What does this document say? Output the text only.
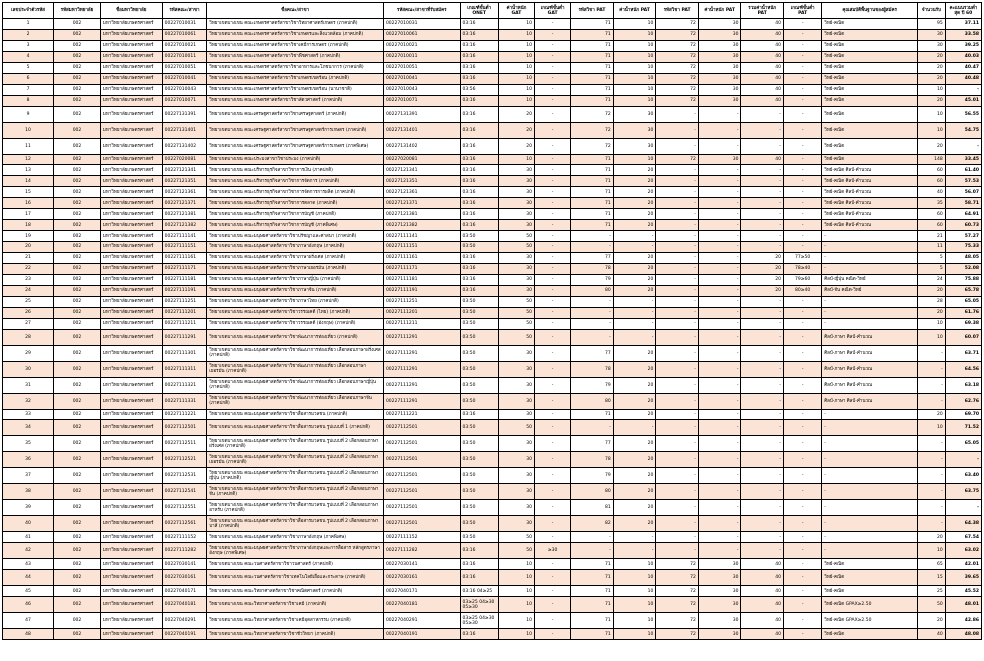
เลขประจำตัวรหัส	รหัสมหาวิทยาลัย	ชื่อมหาวิทยาลัย	รหัสคณะ/สาขา	ชื่อคณะ/สาขา	รหัสคณะ/สาขาที่รับสมัคร	เกณฑ์ขั้นต่ำ ONET	ค่าน้ำหนัก GAT	เกณฑ์ขั้นต่ำ GAT	รหัสวิชา PAT	ค่าน้ำหนัก PAT	รหัสวิชา PAT	ค่าน้ำหนัก PAT	รวมค่าน้ำหนัก PAT	เกณฑ์ขั้นต่ำ PAT	คุณสมบัติพื้นฐานของผู้สมัคร	จำนวนรับ	คะแนนรวมต่ำสุด ปี 60
1	002	มหาวิทยาลัยเกษตรศาสตร์	00227010031	วิทยาเขตบางเขน คณะเกษตรศาสตร์สาขาวิชาวิทยาศาสตร์เกษตร (ภาคปกติ)	00227010031	03:16	10	-	71	10	72	30	40	-	วิทย์-คณิต	95	37.11
2	002	มหาวิทยาลัยเกษตรศาสตร์	00227010061	วิทยาเขตบางเขน คณะเกษตรศาสตร์สาขาวิชาเกษตรและสิ่งแวดล้อม (ภาคปกติ)	00227010061	03:16	10	-	71	10	72	30	40	-	วิทย์-คณิต	30	33.58
3	002	มหาวิทยาลัยเกษตรศาสตร์	00227010021	วิทยาเขตบางเขน คณะเกษตรศาสตร์สาขาวิชาเคมีการเกษตร (ภาคปกติ)	00227010021	03:16	10	-	71	10	72	30	40	-	วิทย์-คณิต	30	39.25
4	002	มหาวิทยาลัยเกษตรศาสตร์	00227010011	วิทยาเขตบางเขน คณะเกษตรศาสตร์สาขาวิชาพืชศาสตร์ (ภาคปกติ)	00227010011	03:16	10	-	71	10	72	30	40	-	วิทย์-คณิต	20	40.03
5	002	มหาวิทยาลัยเกษตรศาสตร์	00227010051	วิทยาเขตบางเขน คณะเกษตรศาสตร์สาขาวิชาอาหารและโภชนาการ (ภาคปกติ)	00227010051	03:16	10	-	71	10	72	30	40	-	วิทย์-คณิต	20	40.47
6	002	มหาวิทยาลัยเกษตรศาสตร์	00227010041	วิทยาเขตบางเขน คณะเกษตรศาสตร์สาขาวิชาเกษตรเขตร้อน (ภาคปกติ)	00227010041	03:16	10	-	71	10	72	30	40	-	วิทย์-คณิต	20	40.48
7	002	มหาวิทยาลัยเกษตรศาสตร์	00227010043	วิทยาเขตบางเขน คณะเกษตรศาสตร์สาขาวิชาเกษตรเขตร้อน (นานาชาติ)	00227010043	03:56	10	-	71	10	72	30	40	-	วิทย์-คณิต	10	-
8	002	มหาวิทยาลัยเกษตรศาสตร์	00227010071	วิทยาเขตบางเขน คณะเกษตรศาสตร์สาขาวิชาสัตวศาสตร์ (ภาคปกติ)	00227010071	03:16	10	-	71	10	72	30	40	-	วิทย์-คณิต	20	45.01
9	002	มหาวิทยาลัยเกษตรศาสตร์	00227131391	วิทยาเขตบางเขน คณะเศรษฐศาสตร์สาขาวิชาเศรษฐศาสตร์ (ภาคปกติ)	00227131391	03:16	20	-	72	30	-	-	-	-	วิทย์-คณิต	10	56.55
10	002	มหาวิทยาลัยเกษตรศาสตร์	00227131401	วิทยาเขตบางเขน คณะเศรษฐศาสตร์สาขาวิชาเศรษฐศาสตร์การเกษตร (ภาคปกติ)	00227131401	03:16	20	-	72	30	-	-	-	-	วิทย์-คณิต	10	54.75
11	002	มหาวิทยาลัยเกษตรศาสตร์	00227131402	วิทยาเขตบางเขน คณะเศรษฐศาสตร์สาขาวิชาเศรษฐศาสตร์การเกษตร (ภาคพิเศษ)	00227131402	03:16	20	-	72	30	-	-	-	-	วิทย์-คณิต	20	-
12	002	มหาวิทยาลัยเกษตรศาสตร์	00227020081	วิทยาเขตบางเขน คณะประมงสาขาวิชาประมง (ภาคปกติ)	00227020081	03:16	10	-	71	10	72	30	40	-	วิทย์-คณิต	148	33.45
13	002	มหาวิทยาลัยเกษตรศาสตร์	00227121341	วิทยาเขตบางเขน คณะบริหารธุรกิจสาขาวิชาการเงิน (ภาคปกติ)	00227121341	03:16	30	-	71	20	-	-	-	-	วิทย์-คณิต ศิลป์-คำนวณ	60	61.40
14	002	มหาวิทยาลัยเกษตรศาสตร์	00227121351	วิทยาเขตบางเขน คณะบริหารธุรกิจสาขาวิชาการจัดการ (ภาคปกติ)	00227121351	03:16	30	-	71	20	-	-	-	-	วิทย์-คณิต ศิลป์-คำนวณ	60	57.53
15	002	มหาวิทยาลัยเกษตรศาสตร์	00227121361	วิทยาเขตบางเขน คณะบริหารธุรกิจสาขาวิชาการจัดการการผลิต (ภาคปกติ)	00227121361	03:16	30	-	71	20	-	-	-	-	วิทย์-คณิต ศิลป์-คำนวณ	40	56.07
16	002	มหาวิทยาลัยเกษตรศาสตร์	00227121371	วิทยาเขตบางเขน คณะบริหารธุรกิจสาขาวิชาการตลาด (ภาคปกติ)	00227121371	03:16	30	-	71	20	-	-	-	-	วิทย์-คณิต ศิลป์-คำนวณ	35	58.71
17	002	มหาวิทยาลัยเกษตรศาสตร์	00227121381	วิทยาเขตบางเขน คณะบริหารธุรกิจสาขาวิชาการบัญชี (ภาคปกติ)	00227121381	03:16	30	-	71	20	-	-	-	-	วิทย์-คณิต ศิลป์-คำนวณ	60	64.91
18	002	มหาวิทยาลัยเกษตรศาสตร์	00227121382	วิทยาเขตบางเขน คณะบริหารธุรกิจสาขาวิชาการบัญชี (ภาคพิเศษ)	00227121382	03:16	30	-	71	20	-	-	-	-	วิทย์-คณิต ศิลป์-คำนวณ	60	60.73
19	002	มหาวิทยาลัยเกษตรศาสตร์	00227111141	วิทยาเขตบางเขน คณะมนุษยศาสตร์สาขาวิชาปรัชญาและศาสนา (ภาคปกติ)	00227111141	03:50	50	-	-	-	-	-	-	-	-	21	57.27
20	002	มหาวิทยาลัยเกษตรศาสตร์	00227111151	วิทยาเขตบางเขน คณะมนุษยศาสตร์สาขาวิชาภาษาอังกฤษ (ภาคปกติ)	00227111151	03:50	50	-	-	-	-	-	-	-	-	11	75.33
21	002	มหาวิทยาลัยเกษตรศาสตร์	00227111161	วิทยาเขตบางเขน คณะมนุษยศาสตร์สาขาวิชาภาษาฝรั่งเศส (ภาคปกติ)	00227111161	03:16	30	-	77	20	-	-	20	77≥50	-	5	48.05
22	002	มหาวิทยาลัยเกษตรศาสตร์	00227111171	วิทยาเขตบางเขน คณะมนุษยศาสตร์สาขาวิชาภาษาเยอรมัน (ภาคปกติ)	00227111171	03:16	30	-	78	20	-	-	20	78≥40	-	5	52.08
23	002	มหาวิทยาลัยเกษตรศาสตร์	00227111181	วิทยาเขตบางเขน คณะมนุษยศาสตร์สาขาวิชาภาษาญี่ปุ่น (ภาคปกติ)	00227111181	03:16	30	-	79	20	-	-	20	79≥60	ศิลป์-ญี่ปุ่น คณิต-วิทย์	24	75.88
24	002	มหาวิทยาลัยเกษตรศาสตร์	00227111191	วิทยาเขตบางเขน คณะมนุษยศาสตร์สาขาวิชาภาษาจีน (ภาคปกติ)	00227111191	03:16	30	-	80	20	-	-	20	80≥40	ศิลป์-จีน คณิต-วิทย์	20	65.78
25	002	มหาวิทยาลัยเกษตรศาสตร์	00227111251	วิทยาเขตบางเขน คณะมนุษยศาสตร์สาขาวิชาภาษาไทย (ภาคปกติ)	00227111251	03:50	50	-	-	-	-	-	-	-	-	28	65.05
26	002	มหาวิทยาลัยเกษตรศาสตร์	00227111201	วิทยาเขตบางเขน คณะมนุษยศาสตร์สาขาวิชาวรรณคดี (ไทย) (ภาคปกติ)	00227111201	03:50	50	-	-	-	-	-	-	-	-	20	61.76
27	002	มหาวิทยาลัยเกษตรศาสตร์	00227111211	วิทยาเขตบางเขน คณะมนุษยศาสตร์สาขาวิชาวรรณคดี (อังกฤษ) (ภาคปกติ)	00227111211	03:50	50	-	-	-	-	-	-	-	-	10	69.38
28	002	มหาวิทยาลัยเกษตรศาสตร์	00227111291	วิทยาเขตบางเขน คณะมนุษยศาสตร์สาขาวิชาพัฒนาการท่องเที่ยว (ภาคปกติ)	00227111291	03:50	50	-	-	-	-	-	-	-	ศิลป์-ภาษา ศิลป์-คำนวณ	10	60.07
29	002	มหาวิทยาลัยเกษตรศาสตร์	00227111301	วิทยาเขตบางเขน คณะมนุษยศาสตร์สาขาวิชาพัฒนาการท่องเที่ยว เลือกสอบภาษาฝรั่งเศส (ภาคปกติ)	00227111291	03:50	30	-	77	20	-	-	-	-	ศิลป์-ภาษา ศิลป์-คำนวณ	-	63.71
30	002	มหาวิทยาลัยเกษตรศาสตร์	00227111311	วิทยาเขตบางเขน คณะมนุษยศาสตร์สาขาวิชาพัฒนาการท่องเที่ยว เลือกสอบภาษาเยอรมัน (ภาคปกติ)	00227111291	03:50	30	-	78	20	-	-	-	-	ศิลป์-ภาษา ศิลป์-คำนวณ	-	64.56
31	002	มหาวิทยาลัยเกษตรศาสตร์	00227111321	วิทยาเขตบางเขน คณะมนุษยศาสตร์สาขาวิชาพัฒนาการท่องเที่ยว เลือกสอบภาษาญี่ปุ่น (ภาคปกติ)	00227111291	03:50	30	-	79	20	-	-	-	-	ศิลป์-ภาษา ศิลป์-คำนวณ	-	63.18
32	002	มหาวิทยาลัยเกษตรศาสตร์	00227111331	วิทยาเขตบางเขน คณะมนุษยศาสตร์สาขาวิชาพัฒนาการท่องเที่ยว เลือกสอบภาษาจีน (ภาคปกติ)	00227111291	03:50	30	-	80	20	-	-	-	-	ศิลป์-ภาษา ศิลป์-คำนวณ	-	62.76
33	002	มหาวิทยาลัยเกษตรศาสตร์	00227111221	วิทยาเขตบางเขน คณะมนุษยศาสตร์สาขาวิชาสื่อสารมวลชน (ภาคปกติ)	00227111221	03:16	30	-	71	20	-	-	-	-	-	20	69.70
34	002	มหาวิทยาลัยเกษตรศาสตร์	00227112501	วิทยาเขตบางเขน คณะมนุษยศาสตร์สาขาวิชาสื่อสารมวลชน รูปแบบที่ 1 (ภาคปกติ)	00227112501	03:50	50	-	-	-	-	-	-	-	-	10	71.52
35	002	มหาวิทยาลัยเกษตรศาสตร์	00227112511	วิทยาเขตบางเขน คณะมนุษยศาสตร์สาขาวิชาสื่อสารมวลชน รูปแบบที่ 2 เลือกสอบภาษาฝรั่งเศส (ภาคปกติ)	00227112501	03:50	30	-	77	20	-	-	-	-	-	-	65.05
36	002	มหาวิทยาลัยเกษตรศาสตร์	00227112521	วิทยาเขตบางเขน คณะมนุษยศาสตร์สาขาวิชาสื่อสารมวลชน รูปแบบที่ 2 เลือกสอบภาษาเยอรมัน (ภาคปกติ)	00227112501	03:50	30	-	78	20	-	-	-	-	-	-	-
37	002	มหาวิทยาลัยเกษตรศาสตร์	00227112531	วิทยาเขตบางเขน คณะมนุษยศาสตร์สาขาวิชาสื่อสารมวลชน รูปแบบที่ 2 เลือกสอบภาษาญี่ปุ่น (ภาคปกติ)	00227112501	03:50	30	-	79	20	-	-	-	-	-	-	63.40
38	002	มหาวิทยาลัยเกษตรศาสตร์	00227112541	วิทยาเขตบางเขน คณะมนุษยศาสตร์สาขาวิชาสื่อสารมวลชน รูปแบบที่ 2 เลือกสอบภาษาจีน (ภาคปกติ)	00227112501	03:50	30	-	80	20	-	-	-	-	-	-	63.75
39	002	มหาวิทยาลัยเกษตรศาสตร์	00227112551	วิทยาเขตบางเขน คณะมนุษยศาสตร์สาขาวิชาสื่อสารมวลชน รูปแบบที่ 2 เลือกสอบภาษาอาหรับ (ภาคปกติ)	00227112501	03:50	30	-	81	20	-	-	-	-	-	-	-
40	002	มหาวิทยาลัยเกษตรศาสตร์	00227112561	วิทยาเขตบางเขน คณะมนุษยศาสตร์สาขาวิชาสื่อสารมวลชน รูปแบบที่ 2 เลือกสอบภาษาบาลี (ภาคปกติ)	00227112501	03:50	30	-	82	20	-	-	-	-	-	-	64.38
41	002	มหาวิทยาลัยเกษตรศาสตร์	00227111152	วิทยาเขตบางเขน คณะมนุษยศาสตร์สาขาวิชาภาษาอังกฤษ (ภาคพิเศษ)	00227111152	03:50	50	-	-	-	-	-	-	-	-	20	67.54
42	002	มหาวิทยาลัยเกษตรศาสตร์	00227111282	วิทยาเขตบางเขน คณะมนุษยศาสตร์สาขาวิชาภาษาอังกฤษและการสื่อสาร หลักสูตรภาษาอังกฤษ (ภาคพิเศษ)	00227111282	03:16	50	≥30	-	-	-	-	-	-	-	10	63.02
43	002	มหาวิทยาลัยเกษตรศาสตร์	00227030141	วิทยาเขตบางเขน คณะวนศาสตร์สาขาวิชาวนศาสตร์ (ภาคปกติ)	00227030141	03:16	10	-	71	10	72	30	40	-	วิทย์-คณิต	65	42.01
44	002	มหาวิทยาลัยเกษตรศาสตร์	00227030161	วิทยาเขตบางเขน คณะวนศาสตร์สาขาวิชาเทคโนโลยีเยื่อและกระดาษ (ภาคปกติ)	00227030161	03:16	10	-	71	10	72	30	40	-	วิทย์-คณิต	15	39.65
45	002	มหาวิทยาลัยเกษตรศาสตร์	00227040171	วิทยาเขตบางเขน คณะวิทยาศาสตร์สาขาวิชาคณิตศาสตร์ (ภาคปกติ)	00227040171	03:16 04≥25	10	-	71	10	72	30	40	-	วิทย์-คณิต	25	45.52
46	002	มหาวิทยาลัยเกษตรศาสตร์	00227040181	วิทยาเขตบางเขน คณะวิทยาศาสตร์สาขาวิชาเคมี (ภาคปกติ)	00227040181	03≥25 04≥30 05≥30	10	-	71	10	72	30	40	-	วิทย์-คณิต GPAX≥2.50	50	48.01
47	002	มหาวิทยาลัยเกษตรศาสตร์	00227040291	วิทยาเขตบางเขน คณะวิทยาศาสตร์สาขาวิชาเคมีอุตสาหกรรม (ภาคปกติ)	00227040291	03≥25 04≥30 05≥30	10	-	71	10	72	30	40	-	วิทย์-คณิต GPAX≥2.50	20	42.86
48	002	มหาวิทยาลัยเกษตรศาสตร์	00227040191	วิทยาเขตบางเขน คณะวิทยาศาสตร์สาขาวิชาชีววิทยา (ภาคปกติ)	00227040191	03:16	10	-	71	10	72	30	40	-	วิทย์-คณิต	40	48.08
